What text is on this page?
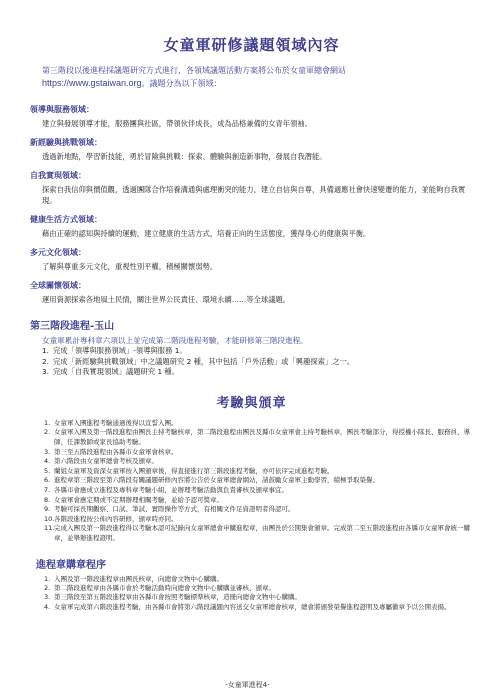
女童軍研修議題領域內容
第三階段以後進程採議題研究方式進行，各領域議題活動方案將公布於女童軍總會網站
https://www.gstaiwan.org。議題分為以下領域：
領導與服務領域：
建立與發展領導才能，服務團與社區，帶領伙伴成長，成為品格兼備的女青年領袖。
新經驗與挑戰領域：
透過新地點，學習新技能，勇於冒險與挑戰：探索、體驗與創造新事物，發展自我潛能。
自我實現領域：
探索自我信仰與價值觀，透過團隊合作培養溝通與處理衝突的能力，建立自信與自尊，具備適應社會快速變遷的能力，並能夠自我實現。
健康生活方式領域：
藉由正確的認知與持續的運動，建立健康的生活方式，培養正向的生活態度，獲得身心的健康與平衡。
多元文化領域：
了解與尊重多元文化，重視性別平權，積極關懷弱勢。
全球關懷領域：
運用資源探索各地風土民情，關注世界公民責任、環境永續……等全球議題。
第三階段進程-玉山
女童軍累計專科章六項以上並完成第二階段進程考驗，才能研修第三階段進程。
1. 完成「領導與服務領域」-領導與服務 1。
2. 完成「新經驗與挑戰領域」中之議題研究 2 種，其中包括「戶外活動」或「興趣探索」之一。
3. 完成「自我實現領域」議題研究 1 種。
考驗與頒章
1. 女童軍入團進程考驗通過後得以宣誓入團。
2. 女童軍入團及第一階段進程由團長主持考驗核章，第二階段進程由團長及縣市女童軍會主持考驗核章，團長考驗部分，得授權小隊長、服務員、導師、任課教師或家長協助考驗。
3. 第三至五階段進程由各縣市女童軍會核章。
4. 第六階段由女童軍總會考核及頒章。
5. 蘭姐女童軍及資深女童軍按入團頒章後，得直接進行第三階段進程考驗，亦可依序完成進程考驗。
6. 進程章第三階段至第六階段有關議題研修內容將公告於女童軍總會網站，請鼓勵女童軍主動學習，積極爭取榮譽。
7. 各縣市會應成立進程及專科章考驗小組，並辦理考驗活動與負責審核及頒章事宜。
8. 女童軍會應定期或不定期辦理相關考驗，並給予認可獎章。
9. 考驗可採長期觀察、口試、筆試、實際操作等方式，有相關文件足資證明者得認可。
10. 各階段進程按公佈內容研修，頒章時亦同。
11. 完成入團及第一階段進程得以考驗本認可紀錄向女童軍總會申購進程章，由團長於公開集會頒章。完成第二至五階段進程由各縣市女童軍會統一購章，並舉辦進程證明。
進程章購章程序
1. 入團及第一階段進程章由團長核章，向總會文物中心購購。
2. 第二階段進程章由各縣市會於考驗活動時向總會文物中心購購並審核、頒章。
3. 第三階段至第五階段進程章由各縣市會按照考驗標準核章，造冊向總會文物中心購購。
4. 女童軍完成第六階段進程考驗，由各縣市會將第六階段議題內容送交女童軍總會核章，總會將頒發榮譽進程證明及專屬徽章予以公開表揚。
-女童軍進程4-
